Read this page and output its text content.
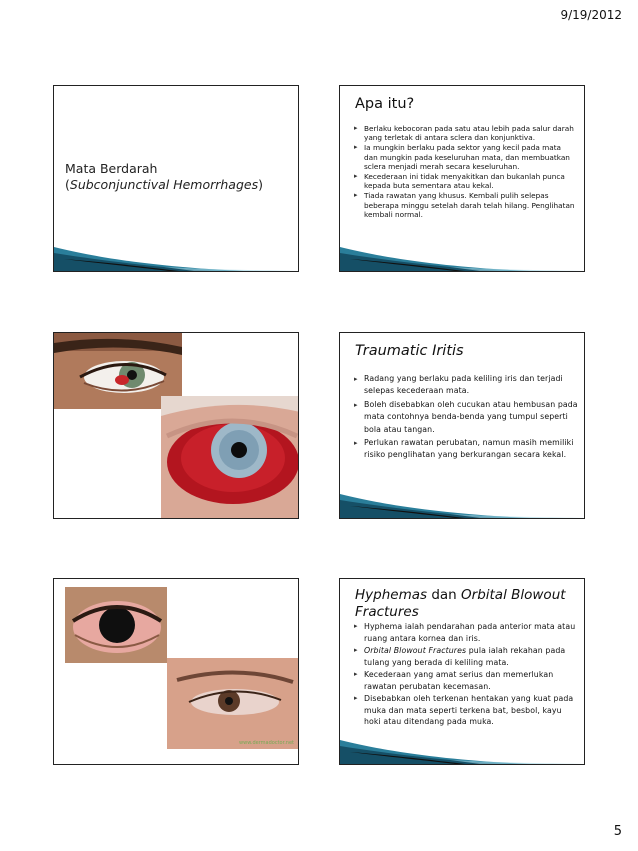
9/19/2012
Mata Berdarah
(Subconjunctival Hemorrhages)
Apa itu?
▸ Berlaku kebocoran pada satu atau lebih pada salur darah yang terletak di antara sclera dan konjunktiva.
▸ Ia mungkin berlaku pada sektor yang kecil pada mata dan mungkin pada keseluruhan mata, dan membuatkan sclera menjadi merah secara keseluruhan.
▸ Kecederaan ini tidak menyakitkan dan bukanlah punca kepada buta sementara atau kekal.
▸ Tiada rawatan yang khusus. Kembali pulih selepas beberapa minggu setelah darah telah hilang. Penglihatan kembali normal.
Traumatic Iritis
▸ Radang yang berlaku pada keliling iris dan terjadi selepas kecederaan mata.
▸ Boleh disebabkan oleh cucukan atau hembusan pada mata contohnya benda-benda yang tumpul seperti bola atau tangan.
▸ Perlukan rawatan perubatan, namun masih memiliki risiko penglihatan yang berkurangan secara kekal.
www.dermadoctor.net
Hyphemas dan Orbital Blowout Fractures
▸ Hyphema ialah pendarahan pada anterior mata atau ruang antara kornea dan iris.
▸ Orbital Blowout Fractures pula ialah rekahan pada tulang yang berada di keliling mata.
▸ Kecederaan yang amat serius dan memerlukan rawatan perubatan kecemasan.
▸ Disebabkan oleh terkenan hentakan yang kuat pada muka dan mata seperti terkena bat, besbol, kayu hoki atau ditendang pada muka.
5
